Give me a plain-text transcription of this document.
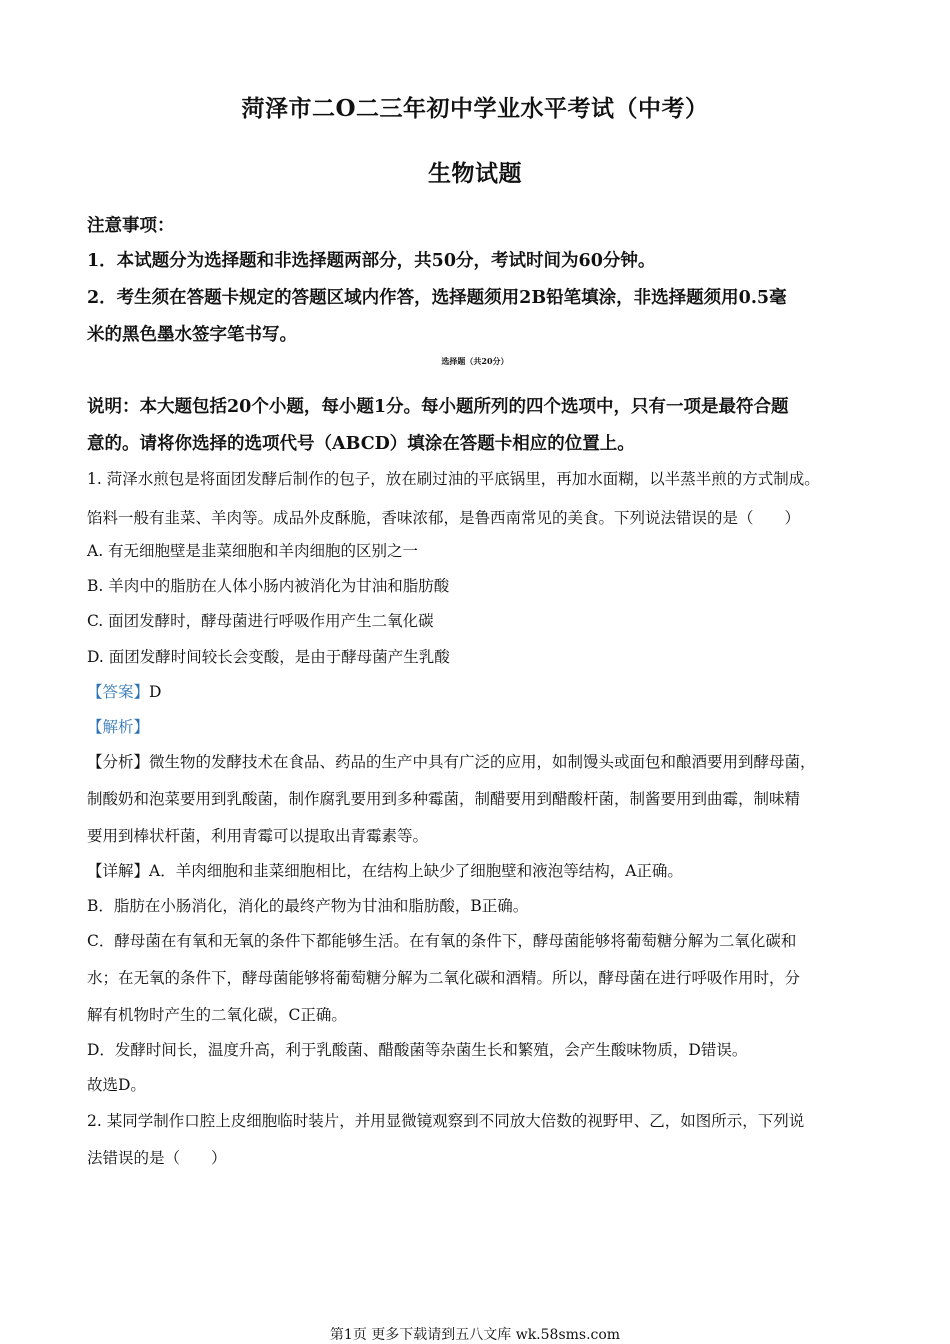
菏泽市二O二三年初中学业水平考试（中考）
生物试题
注意事项：
1．本试题分为选择题和非选择题两部分，共50分，考试时间为60分钟。
2．考生须在答题卡规定的答题区域内作答，选择题须用2B铅笔填涂，非选择题须用0.5毫
米的黑色墨水签字笔书写。
选择题（共20分）
说明：本大题包括20个小题，每小题1分。每小题所列的四个选项中，只有一项是最符合题
意的。请将你选择的选项代号（ABCD）填涂在答题卡相应的位置上。
1. 菏泽水煎包是将面团发酵后制作的包子，放在刷过油的平底锅里，再加水面糊，以半蒸半煎的方式制成。
馅料一般有韭菜、羊肉等。成品外皮酥脆，香味浓郁，是鲁西南常见的美食。下列说法错误的是（　　）
A. 有无细胞壁是韭菜细胞和羊肉细胞的区别之一
B. 羊肉中的脂肪在人体小肠内被消化为甘油和脂肪酸
C. 面团发酵时，酵母菌进行呼吸作用产生二氧化碳
D. 面团发酵时间较长会变酸，是由于酵母菌产生乳酸
【答案】D
【解析】
【分析】微生物的发酵技术在食品、药品的生产中具有广泛的应用，如制馒头或面包和酿酒要用到酵母菌，
制酸奶和泡菜要用到乳酸菌，制作腐乳要用到多种霉菌，制醋要用到醋酸杆菌，制酱要用到曲霉，制味精
要用到棒状杆菌，利用青霉可以提取出青霉素等。
【详解】A．羊肉细胞和韭菜细胞相比，在结构上缺少了细胞壁和液泡等结构，A正确。
B．脂肪在小肠消化，消化的最终产物为甘油和脂肪酸，B正确。
C．酵母菌在有氧和无氧的条件下都能够生活。在有氧的条件下，酵母菌能够将葡萄糖分解为二氧化碳和
水；在无氧的条件下，酵母菌能够将葡萄糖分解为二氧化碳和酒精。所以，酵母菌在进行呼吸作用时，分
解有机物时产生的二氧化碳，C正确。
D．发酵时间长，温度升高，利于乳酸菌、醋酸菌等杂菌生长和繁殖，会产生酸味物质，D错误。
故选D。
2. 某同学制作口腔上皮细胞临时装片，并用显微镜观察到不同放大倍数的视野甲、乙，如图所示，下列说
法错误的是（　　）
第1页 更多下载请到五八文库 wk.58sms.com
